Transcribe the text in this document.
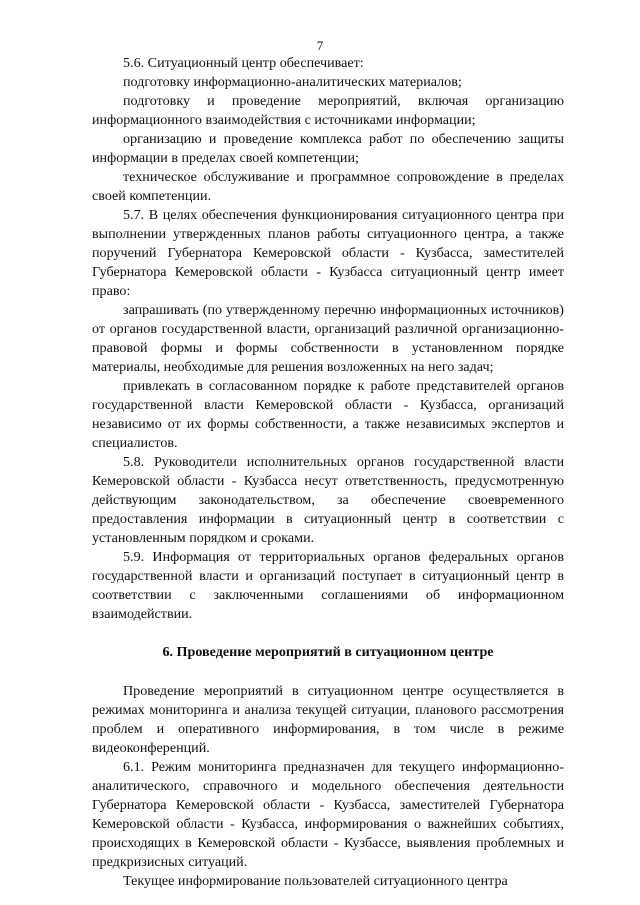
7

5.6. Ситуационный центр обеспечивает:

подготовку информационно-аналитических материалов;

подготовку и проведение мероприятий, включая организацию информационного взаимодействия с источниками информации;

организацию и проведение комплекса работ по обеспечению защиты информации в пределах своей компетенции;

техническое обслуживание и программное сопровождение в пределах своей компетенции.

5.7. В целях обеспечения функционирования ситуационного центра при выполнении утвержденных планов работы ситуационного центра, а также поручений Губернатора Кемеровской области - Кузбасса, заместителей Губернатора Кемеровской области - Кузбасса ситуационный центр имеет право:

запрашивать (по утвержденному перечню информационных источников) от органов государственной власти, организаций различной организационно-правовой формы и формы собственности в установленном порядке материалы, необходимые для решения возложенных на него задач;

привлекать в согласованном порядке к работе представителей органов государственной власти Кемеровской области - Кузбасса, организаций независимо от их формы собственности, а также независимых экспертов и специалистов.

5.8. Руководители исполнительных органов государственной власти Кемеровской области - Кузбасса несут ответственность, предусмотренную действующим законодательством, за обеспечение своевременного предоставления информации в ситуационный центр в соответствии с установленным порядком и сроками.

5.9. Информация от территориальных органов федеральных органов государственной власти и организаций поступает в ситуационный центр в соответствии с заключенными соглашениями об информационном взаимодействии.

6. Проведение мероприятий в ситуационном центре

Проведение мероприятий в ситуационном центре осуществляется в режимах мониторинга и анализа текущей ситуации, планового рассмотрения проблем и оперативного информирования, в том числе в режиме видеоконференций.

6.1. Режим мониторинга предназначен для текущего информационно-аналитического, справочного и модельного обеспечения деятельности Губернатора Кемеровской области - Кузбасса, заместителей Губернатора Кемеровской области - Кузбасса, информирования о важнейших событиях, происходящих в Кемеровской области - Кузбассе, выявления проблемных и предкризисных ситуаций.

Текущее информирование пользователей ситуационного центра
